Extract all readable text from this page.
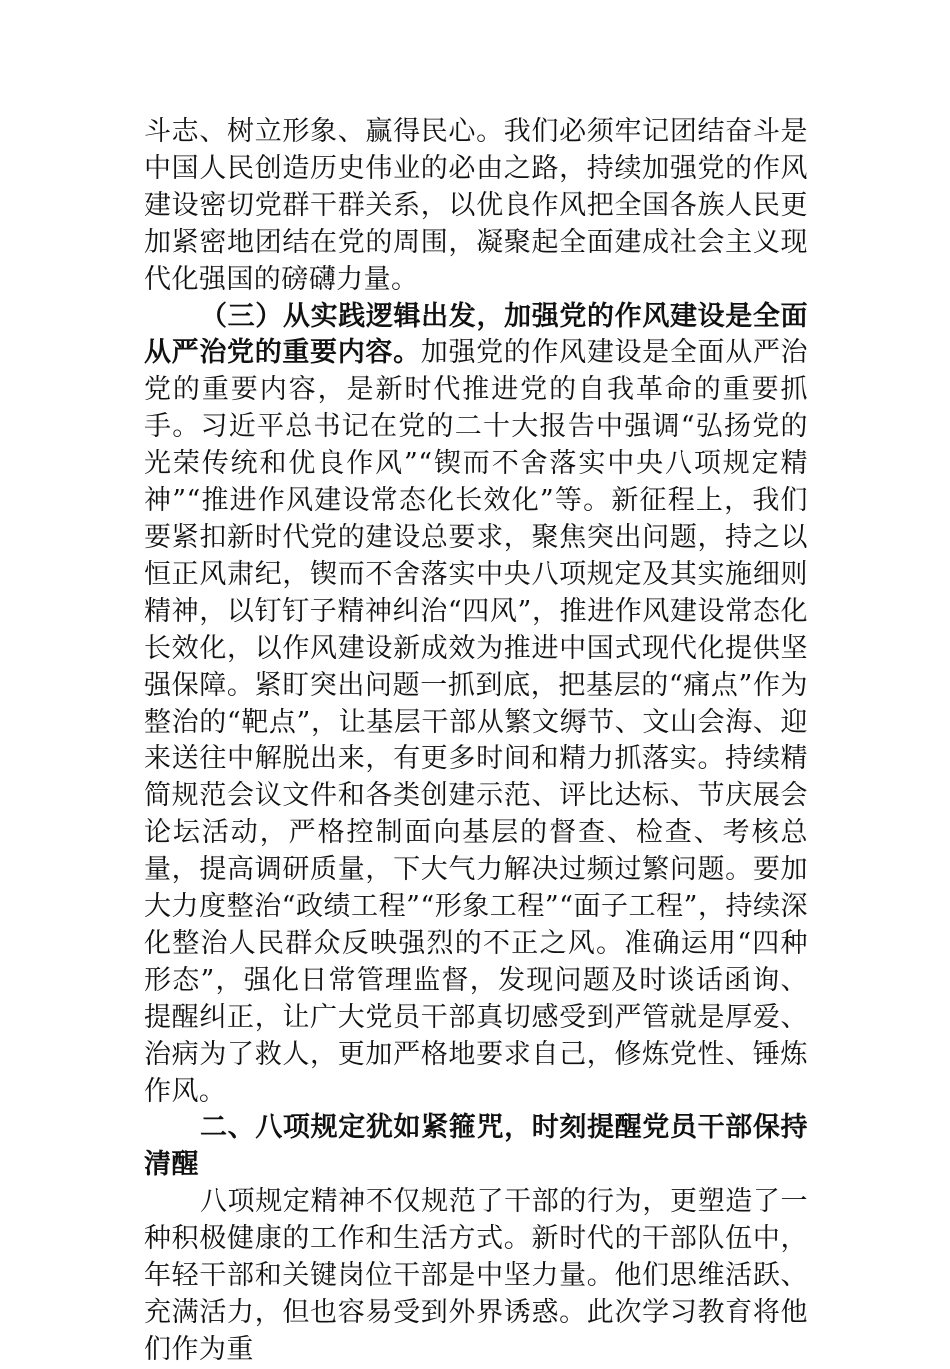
斗志、树立形象、赢得民心。我们必须牢记团结奋斗是中国人民创造历史伟业的必由之路，持续加强党的作风建设密切党群干群关系，以优良作风把全国各族人民更加紧密地团结在党的周围，凝聚起全面建成社会主义现代化强国的磅礴力量。

（三）从实践逻辑出发，加强党的作风建设是全面从严治党的重要内容。加强党的作风建设是全面从严治党的重要内容，是新时代推进党的自我革命的重要抓手。习近平总书记在党的二十大报告中强调“弘扬党的光荣传统和优良作风”“锲而不舍落实中央八项规定精神”“推进作风建设常态化长效化”等。新征程上，我们要紧扣新时代党的建设总要求，聚焦突出问题，持之以恒正风肃纪，锲而不舍落实中央八项规定及其实施细则精神，以钉钉子精神纠治“四风”，推进作风建设常态化长效化，以作风建设新成效为推进中国式现代化提供坚强保障。紧盯突出问题一抓到底，把基层的“痛点”作为整治的“靶点”，让基层干部从繁文缛节、文山会海、迎来送往中解脱出来，有更多时间和精力抓落实。持续精简规范会议文件和各类创建示范、评比达标、节庆展会论坛活动，严格控制面向基层的督查、检查、考核总量，提高调研质量，下大气力解决过频过繁问题。要加大力度整治“政绩工程”“形象工程”“面子工程”，持续深化整治人民群众反映强烈的不正之风。准确运用“四种形态”，强化日常管理监督，发现问题及时谈话函询、提醒纠正，让广大党员干部真切感受到严管就是厚爱、治病为了救人，更加严格地要求自己，修炼党性、锤炼作风。

二、八项规定犹如紧箍咒，时刻提醒党员干部保持清醒

八项规定精神不仅规范了干部的行为，更塑造了一种积极健康的工作和生活方式。新时代的干部队伍中，年轻干部和关键岗位干部是中坚力量。他们思维活跃、充满活力，但也容易受到外界诱惑。此次学习教育将他们作为重
